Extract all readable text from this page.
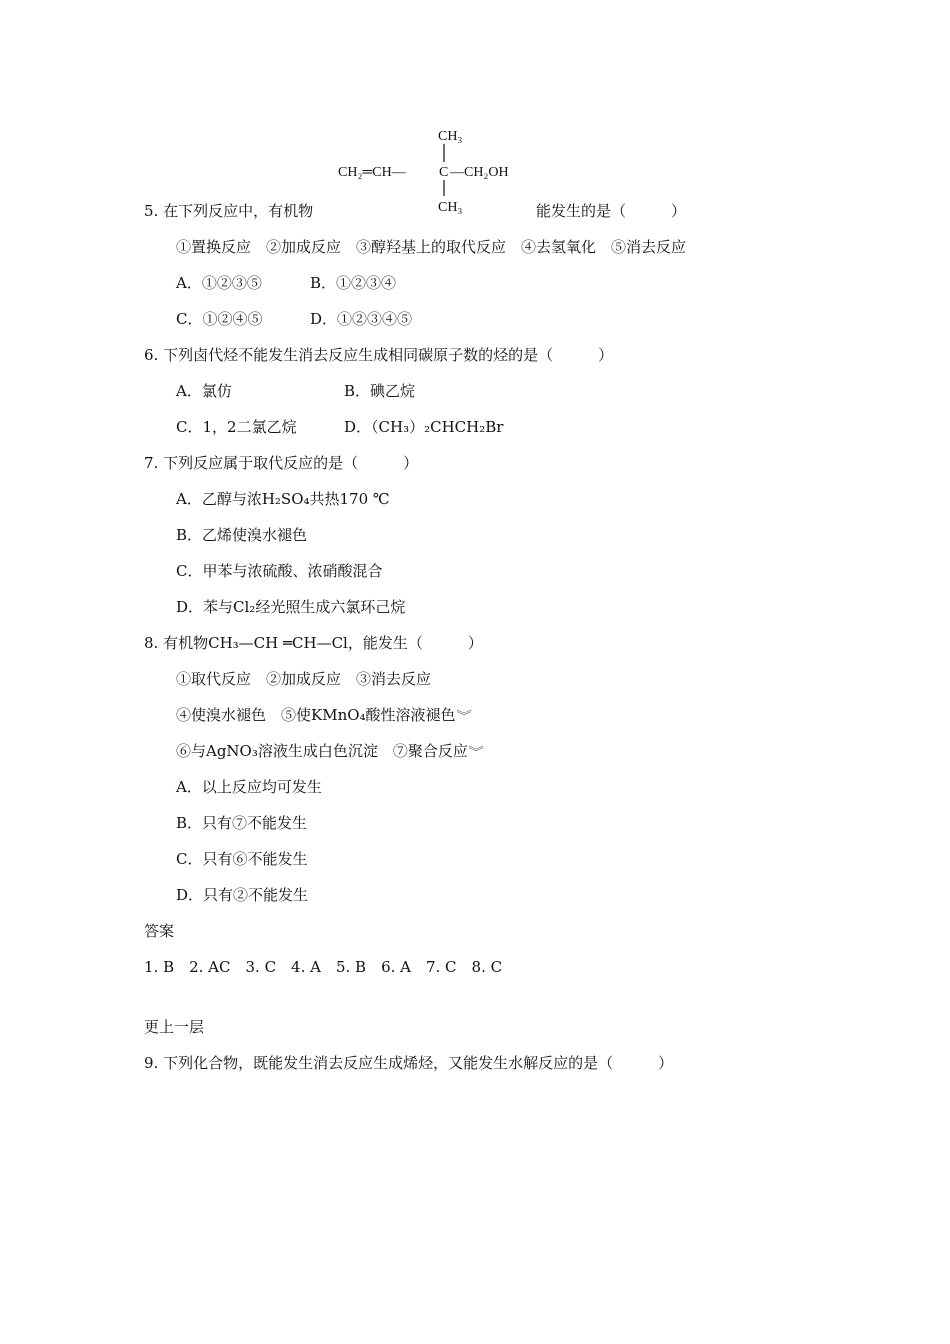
CH₃
CH₂═CH— C —CH₂OH
CH₃
5. 在下列反应中，有机物	能发生的是（　　　）
①置换反应　②加成反应　③醇羟基上的取代反应　④去氢氧化　⑤消去反应
A．①②③⑤	B．①②③④
C．①②④⑤	D．①②③④⑤
6. 下列卤代烃不能发生消去反应生成相同碳原子数的烃的是（　　　）
A．氯仿	B．碘乙烷
C．1，2二氯乙烷	D．（CH₃）₂CHCH₂Br
7. 下列反应属于取代反应的是（　　　）
A．乙醇与浓H₂SO₄共热170 ℃
B．乙烯使溴水褪色
C．甲苯与浓硫酸、浓硝酸混合
D．苯与Cl₂经光照生成六氯环己烷
8. 有机物CH₃—CH ═CH—Cl，能发生（　　　）
①取代反应　②加成反应　③消去反应
④使溴水褪色　⑤使KMnO₄酸性溶液褪色︾
⑥与AgNO₃溶液生成白色沉淀　⑦聚合反应︾
A．以上反应均可发生
B．只有⑦不能发生
C．只有⑥不能发生
D．只有②不能发生
答案
1. B　2. AC　3. C　4. A　5. B　6. A　7. C　8. C
更上一层
9. 下列化合物，既能发生消去反应生成烯烃，又能发生水解反应的是（　　　）
